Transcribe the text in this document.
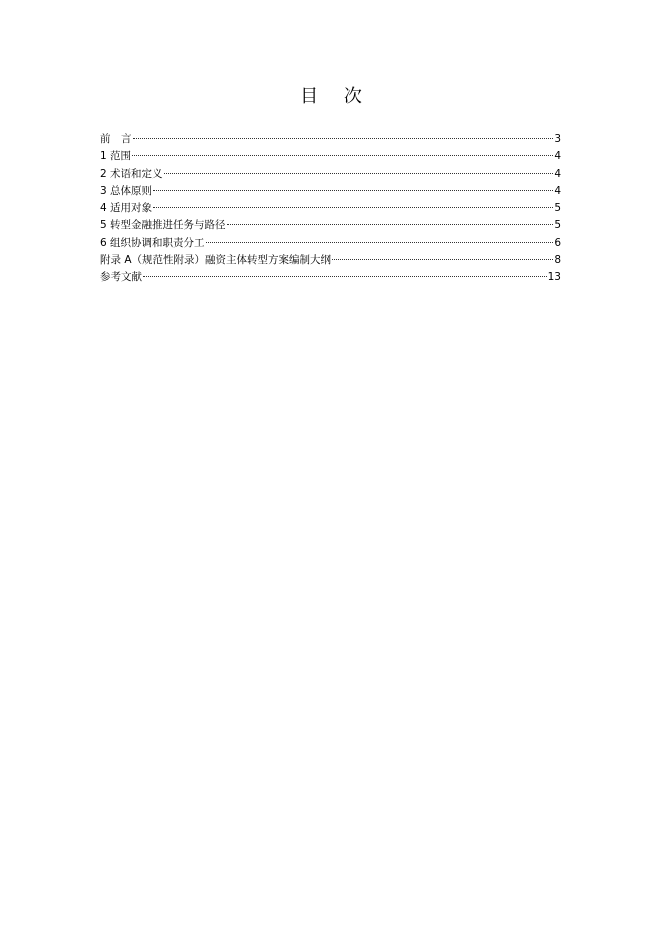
目 次
前　言	3
1 范围	4
2 术语和定义	4
3 总体原则	4
4 适用对象	5
5 转型金融推进任务与路径	5
6 组织协调和职责分工	6
附录 A（规范性附录）融资主体转型方案编制大纲	8
参考文献	13
